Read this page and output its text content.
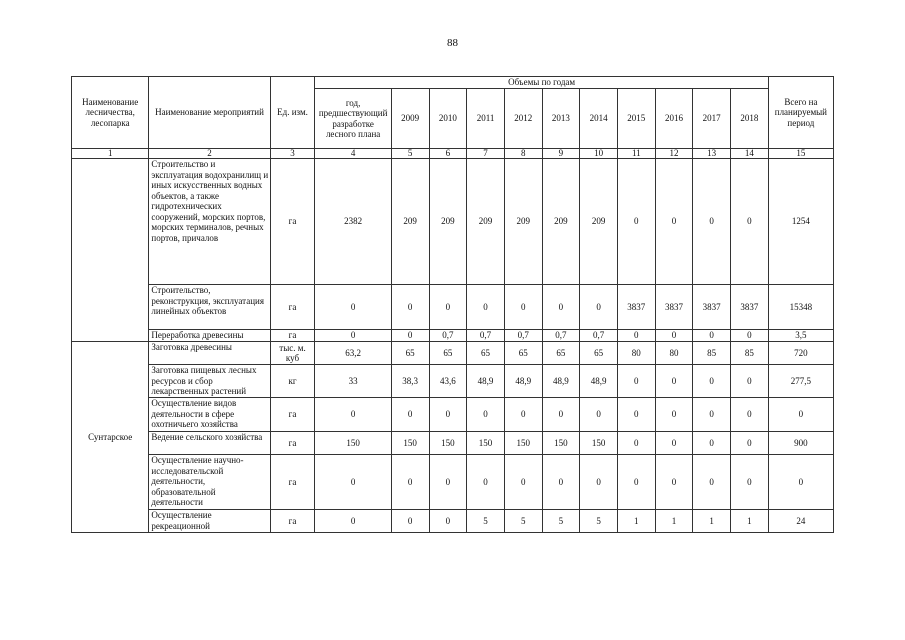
88
Наименование лесничества, лесопарка	Наименование мероприятий	Ед. изм.	Объемы по годам											Всего на планируемый период
			год, предшествующий разработке лесного плана	2009	2010	2011	2012	2013	2014	2015	2016	2017	2018	
1	2	3	4	5	6	7	8	9	10	11	12	13	14	15
	Строительство и эксплуатация водохранилищ и иных искусственных водных объектов, а также гидротехнических сооружений, морских портов, морских терминалов, речных портов, причалов	га	2382	209	209	209	209	209	209	0	0	0	0	1254
	Строительство, реконструкция, эксплуатация линейных объектов	га	0	0	0	0	0	0	0	3837	3837	3837	3837	15348
	Переработка древесины	га	0	0	0,7	0,7	0,7	0,7	0,7	0	0	0	0	3,5
Сунтарское	Заготовка древесины	тыс. м. куб	63,2	65	65	65	65	65	65	80	80	85	85	720
	Заготовка пищевых лесных ресурсов и сбор лекарственных растений	кг	33	38,3	43,6	48,9	48,9	48,9	48,9	0	0	0	0	277,5
	Осуществление видов деятельности в сфере охотничьего хозяйства	га	0	0	0	0	0	0	0	0	0	0	0	0
	Ведение сельского хозяйства	га	150	150	150	150	150	150	150	0	0	0	0	900
	Осуществление научно-исследовательской деятельности, образовательной деятельности	га	0	0	0	0	0	0	0	0	0	0	0	0
	Осуществление рекреационной	га	0	0	0	5	5	5	5	1	1	1	1	24
